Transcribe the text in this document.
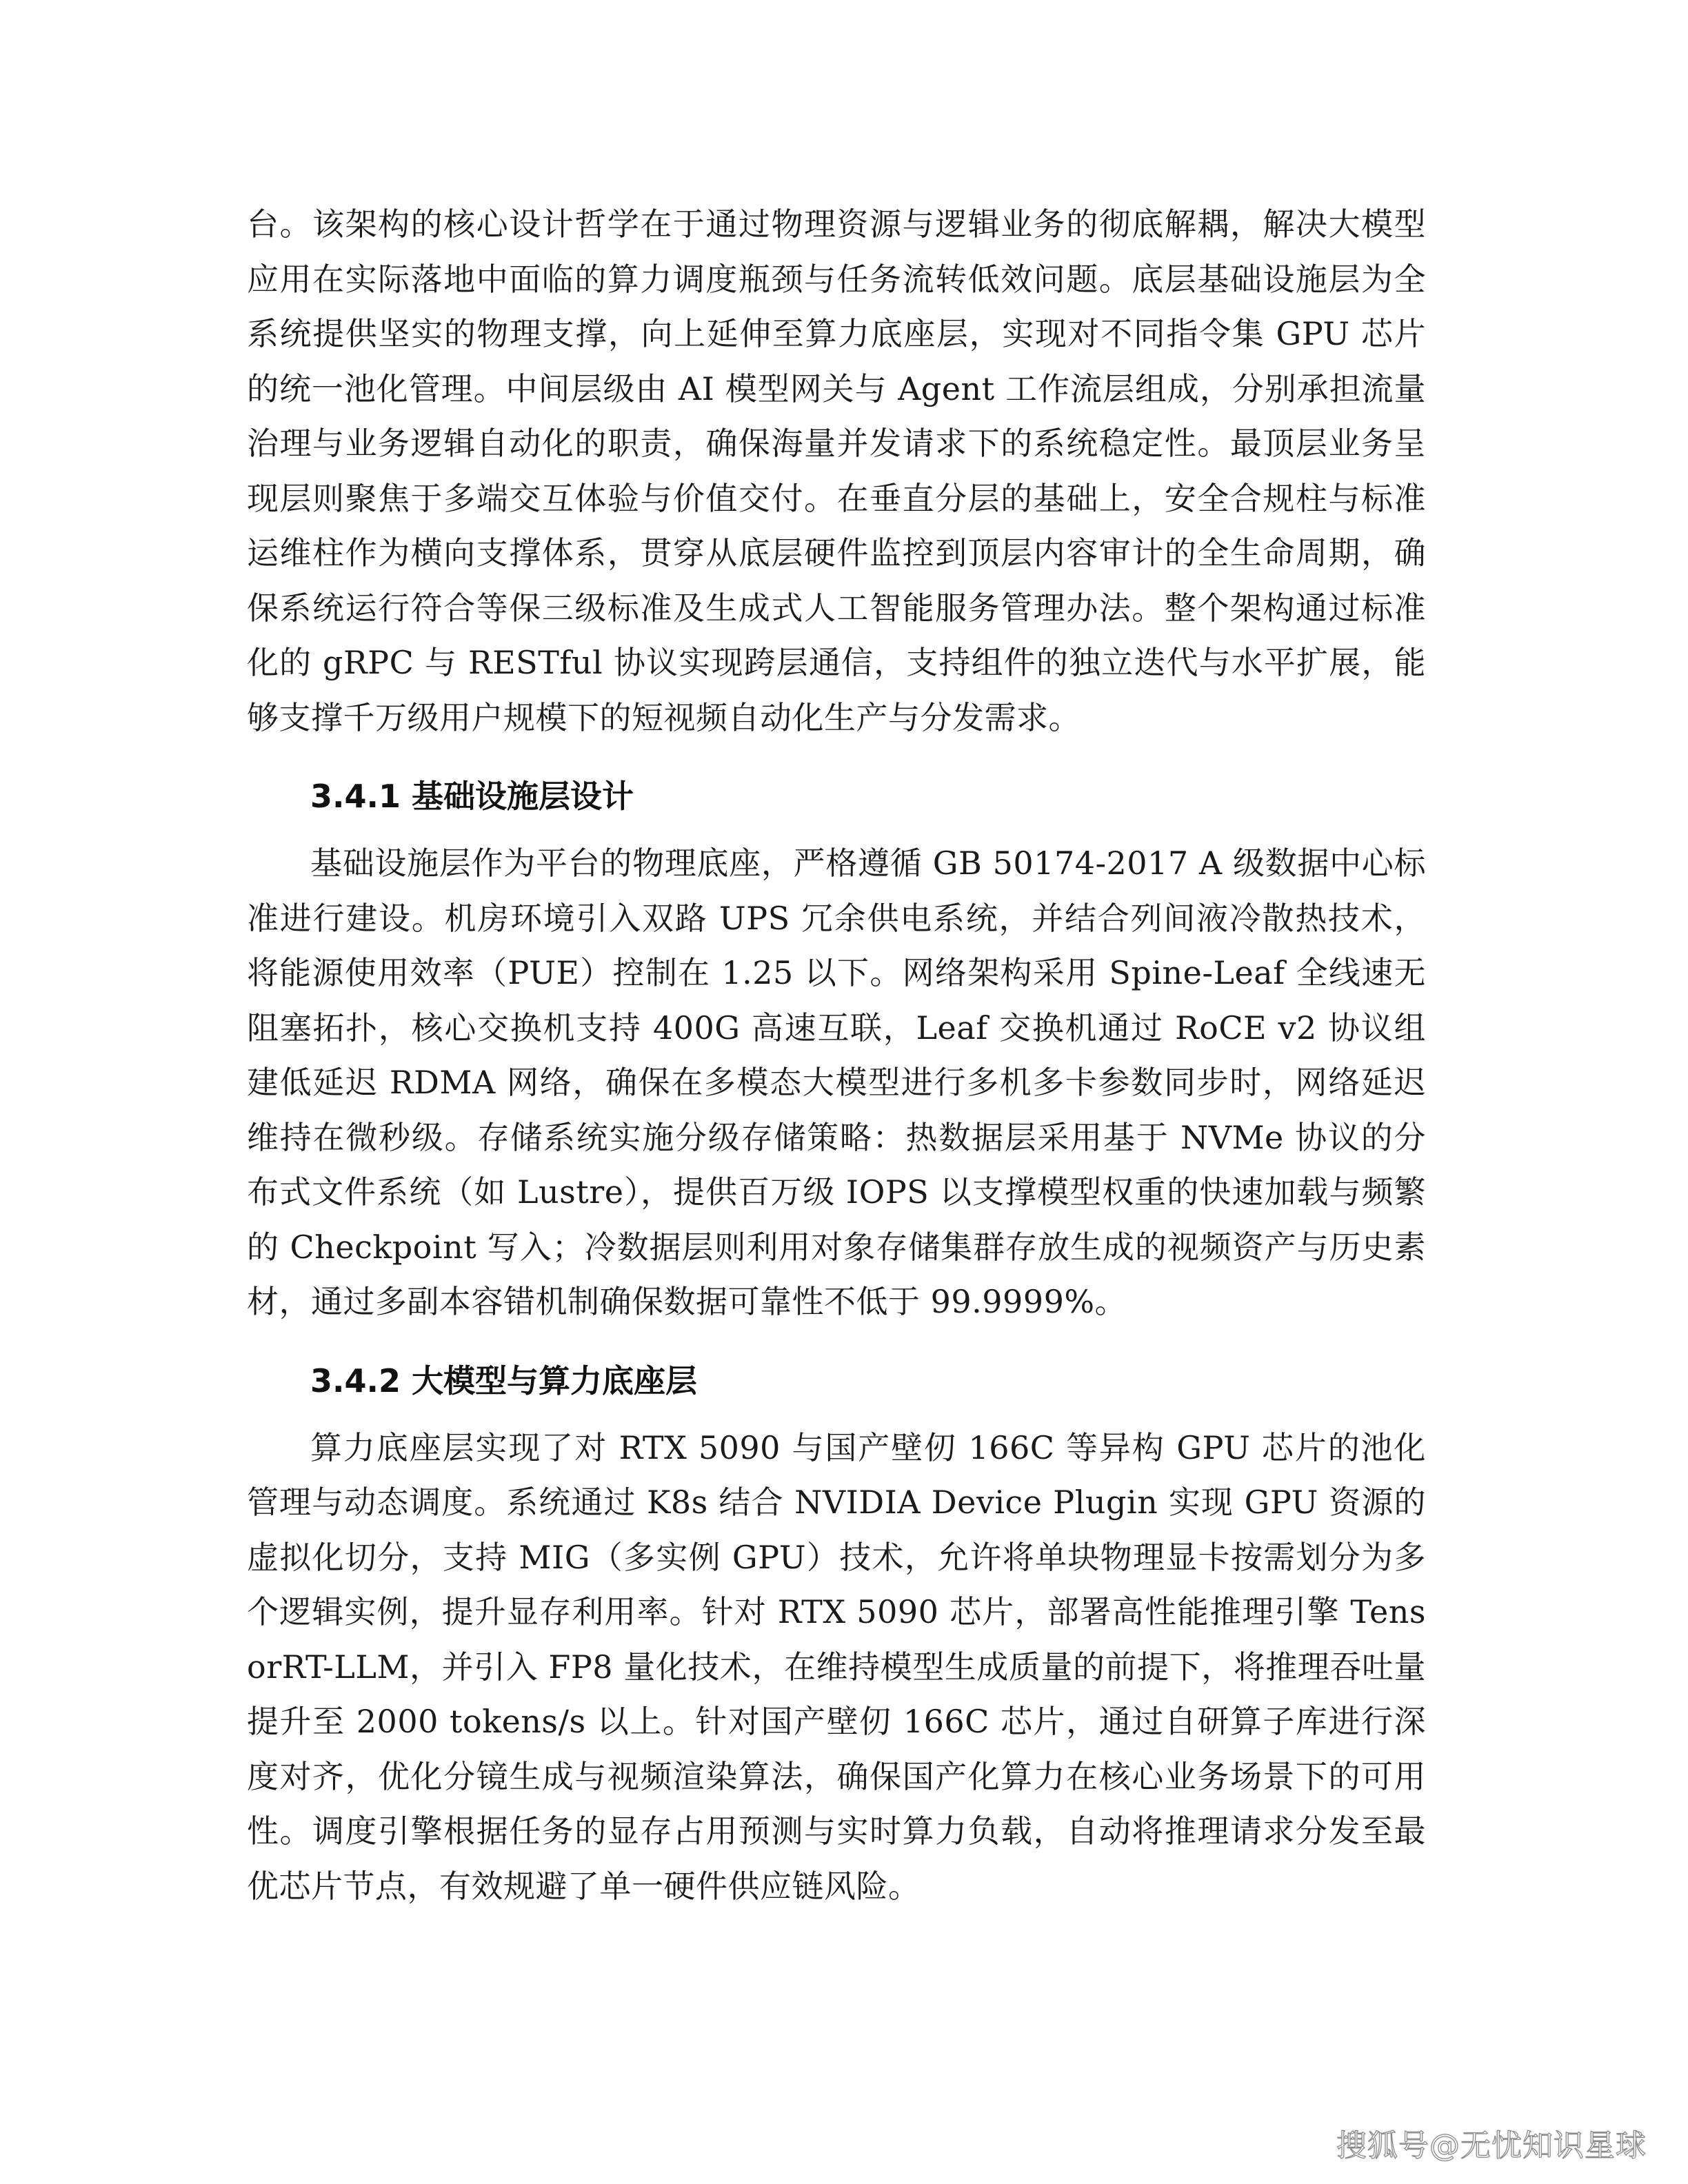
台。该架构的核心设计哲学在于通过物理资源与逻辑业务的彻底解耦，解决大模型应用在实际落地中面临的算力调度瓶颈与任务流转低效问题。底层基础设施层为全系统提供坚实的物理支撑，向上延伸至算力底座层，实现对不同指令集 GPU 芯片的统一池化管理。中间层级由 AI 模型网关与 Agent 工作流层组成，分别承担流量治理与业务逻辑自动化的职责，确保海量并发请求下的系统稳定性。最顶层业务呈现层则聚焦于多端交互体验与价值交付。在垂直分层的基础上，安全合规柱与标准运维柱作为横向支撑体系，贯穿从底层硬件监控到顶层内容审计的全生命周期，确保系统运行符合等保三级标准及生成式人工智能服务管理办法。整个架构通过标准化的 gRPC 与 RESTful 协议实现跨层通信，支持组件的独立迭代与水平扩展，能够支撑千万级用户规模下的短视频自动化生产与分发需求。

3.4.1 基础设施层设计

基础设施层作为平台的物理底座，严格遵循 GB 50174-2017 A 级数据中心标准进行建设。机房环境引入双路 UPS 冗余供电系统，并结合列间液冷散热技术，将能源使用效率（PUE）控制在 1.25 以下。网络架构采用 Spine-Leaf 全线速无阻塞拓扑，核心交换机支持 400G 高速互联，Leaf 交换机通过 RoCE v2 协议组建低延迟 RDMA 网络，确保在多模态大模型进行多机多卡参数同步时，网络延迟维持在微秒级。存储系统实施分级存储策略：热数据层采用基于 NVMe 协议的分布式文件系统（如 Lustre），提供百万级 IOPS 以支撑模型权重的快速加载与频繁的 Checkpoint 写入；冷数据层则利用对象存储集群存放生成的视频资产与历史素材，通过多副本容错机制确保数据可靠性不低于 99.9999%。

3.4.2 大模型与算力底座层

算力底座层实现了对 RTX 5090 与国产壁仞 166C 等异构 GPU 芯片的池化管理与动态调度。系统通过 K8s 结合 NVIDIA Device Plugin 实现 GPU 资源的虚拟化切分，支持 MIG（多实例 GPU）技术，允许将单块物理显卡按需划分为多个逻辑实例，提升显存利用率。针对 RTX 5090 芯片，部署高性能推理引擎 TensorRT-LLM，并引入 FP8 量化技术，在维持模型生成质量的前提下，将推理吞吐量提升至 2000 tokens/s 以上。针对国产壁仞 166C 芯片，通过自研算子库进行深度对齐，优化分镜生成与视频渲染算法，确保国产化算力在核心业务场景下的可用性。调度引擎根据任务的显存占用预测与实时算力负载，自动将推理请求分发至最优芯片节点，有效规避了单一硬件供应链风险。

搜狐号@无忧知识星球
